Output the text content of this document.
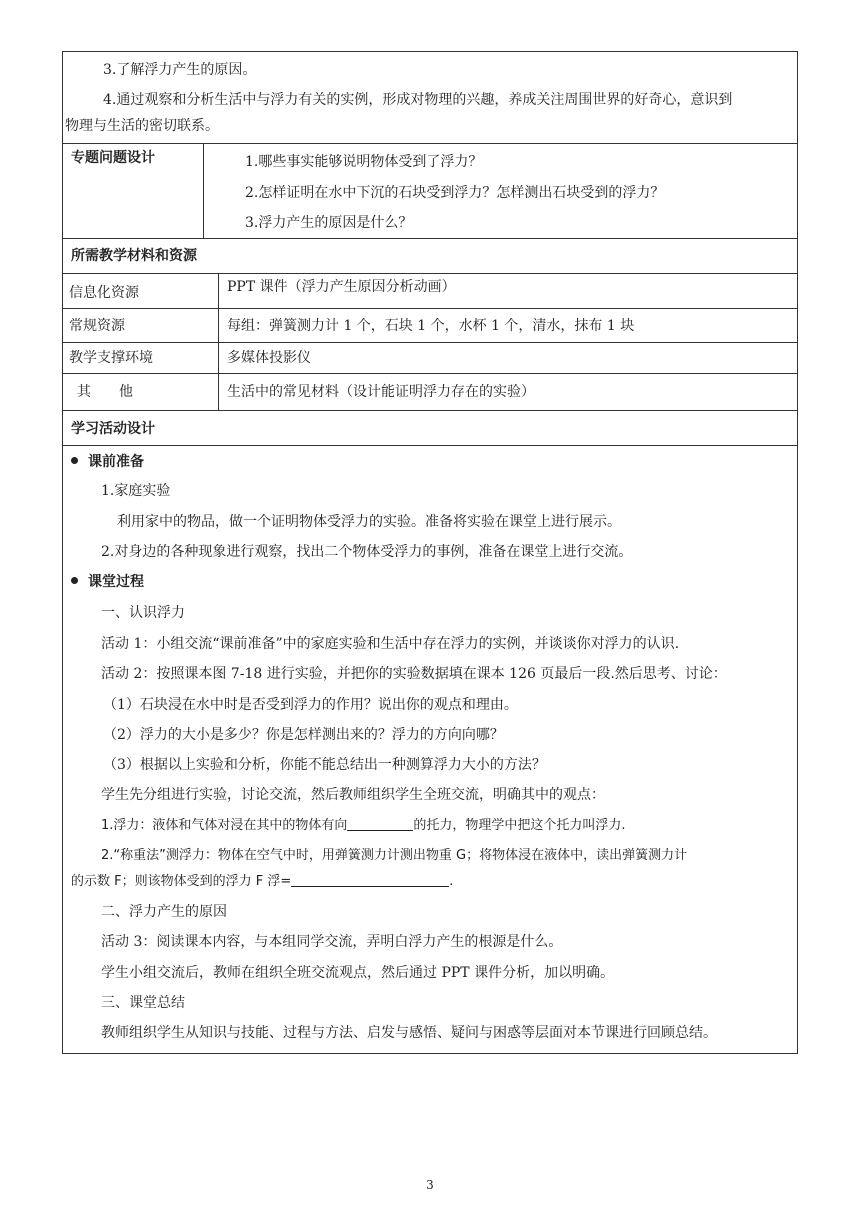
3.了解浮力产生的原因。
4.通过观察和分析生活中与浮力有关的实例，形成对物理的兴趣，养成关注周围世界的好奇心，意识到
物理与生活的密切联系。
专题问题设计	1.哪些事实能够说明物体受到了浮力？
2.怎样证明在水中下沉的石块受到浮力？怎样测出石块受到的浮力？
3.浮力产生的原因是什么？
所需教学材料和资源
信息化资源	PPT 课件（浮力产生原因分析动画）
常规资源	每组：弹簧测力计 1 个，石块 1 个，水杯 1 个，清水，抹布 1 块
教学支撑环境	多媒体投影仪
其　　他	生活中的常见材料（设计能证明浮力存在的实验）
学习活动设计
课前准备
1.家庭实验
利用家中的物品，做一个证明物体受浮力的实验。准备将实验在课堂上进行展示。
2.对身边的各种现象进行观察，找出二个物体受浮力的事例，准备在课堂上进行交流。
课堂过程
一、认识浮力
活动 1：小组交流“课前准备”中的家庭实验和生活中存在浮力的实例，并谈谈你对浮力的认识.
活动 2：按照课本图 7-18 进行实验，并把你的实验数据填在课本 126 页最后一段.然后思考、讨论：
（1）石块浸在水中时是否受到浮力的作用？说出你的观点和理由。
（2）浮力的大小是多少？你是怎样测出来的？浮力的方向向哪？
（3）根据以上实验和分析，你能不能总结出一种测算浮力大小的方法？
学生先分组进行实验，讨论交流，然后教师组织学生全班交流，明确其中的观点：
1.浮力：液体和气体对浸在其中的物体有向	的托力，物理学中把这个托力叫浮力.
2.“称重法”测浮力：物体在空气中时，用弹簧测力计测出物重 G；将物体浸在液体中，读出弹簧测力计
的示数 F；则该物体受到的浮力 F 浮=	.
二、浮力产生的原因
活动 3：阅读课本内容，与本组同学交流，弄明白浮力产生的根源是什么。
学生小组交流后，教师在组织全班交流观点，然后通过 PPT 课件分析，加以明确。
三、课堂总结
教师组织学生从知识与技能、过程与方法、启发与感悟、疑问与困惑等层面对本节课进行回顾总结。
3
